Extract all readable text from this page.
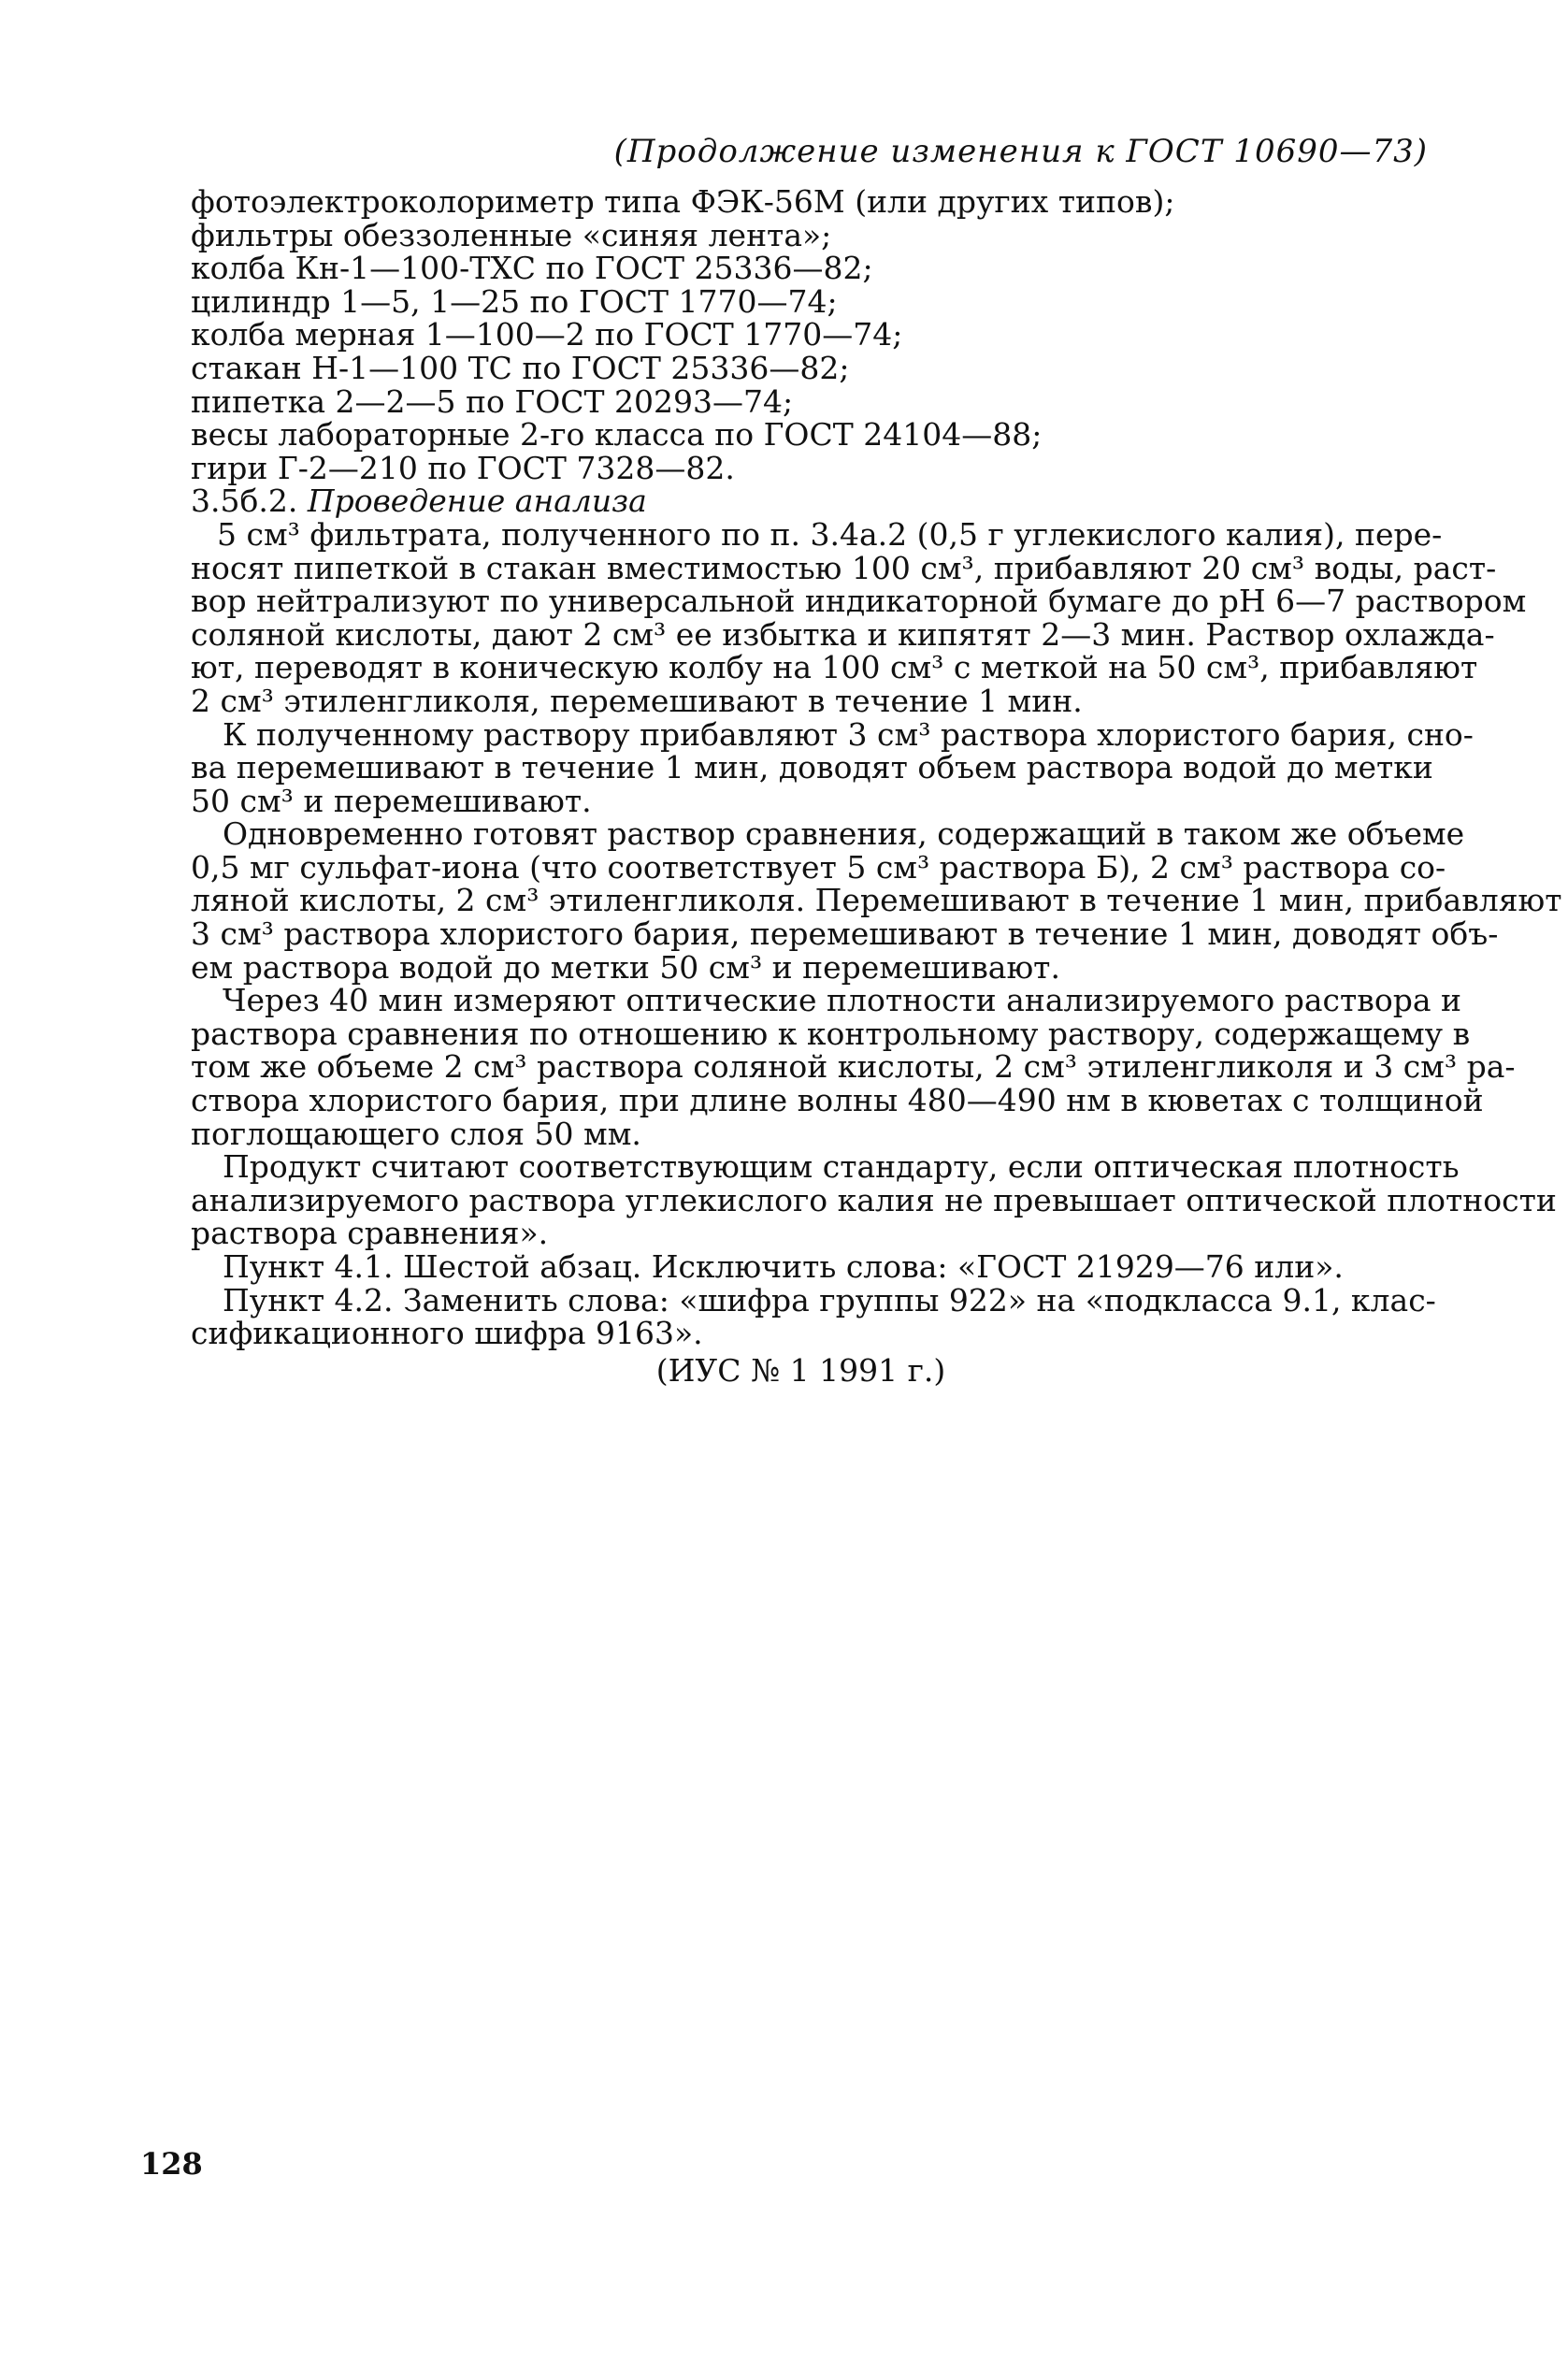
(Продолжение изменения к ГОСТ 10690—73)
фотоэлектроколориметр типа ФЭК-56М (или других типов);
фильтры обеззоленные «синяя лента»;
колба Кн-1—100-ТХС по ГОСТ 25336—82;
цилиндр 1—5, 1—25 по ГОСТ 1770—74;
колба мерная 1—100—2 по ГОСТ 1770—74;
стакан Н-1—100 ТС по ГОСТ 25336—82;
пипетка 2—2—5 по ГОСТ 20293—74;
весы лабораторные 2-го класса по ГОСТ 24104—88;
гири Г-2—210 по ГОСТ 7328—82.
3.5б.2. Проведение анализа
5 см³ фильтрата, полученного по п. 3.4а.2 (0,5 г углекислого калия), пере-
носят пипеткой в стакан вместимостью 100 см³, прибавляют 20 см³ воды, раст-
вор нейтрализуют по универсальной индикаторной бумаге до pH 6—7 раствором
соляной кислоты, дают 2 см³ ее избытка и кипятят 2—3 мин. Раствор охлажда-
ют, переводят в коническую колбу на 100 см³ с меткой на 50 см³, прибавляют
2 см³ этиленгликоля, перемешивают в течение 1 мин.
К полученному раствору прибавляют 3 см³ раствора хлористого бария, сно-
ва перемешивают в течение 1 мин, доводят объем раствора водой до метки
50 см³ и перемешивают.
Одновременно готовят раствор сравнения, содержащий в таком же объеме
0,5 мг сульфат-иона (что соответствует 5 см³ раствора Б), 2 см³ раствора со-
ляной кислоты, 2 см³ этиленгликоля. Перемешивают в течение 1 мин, прибавляют
3 см³ раствора хлористого бария, перемешивают в течение 1 мин, доводят объ-
ем раствора водой до метки 50 см³ и перемешивают.
Через 40 мин измеряют оптические плотности анализируемого раствора и
раствора сравнения по отношению к контрольному раствору, содержащему в
том же объеме 2 см³ раствора соляной кислоты, 2 см³ этиленгликоля и 3 см³ ра-
створа хлористого бария, при длине волны 480—490 нм в кюветах с толщиной
поглощающего слоя 50 мм.
Продукт считают соответствующим стандарту, если оптическая плотность
анализируемого раствора углекислого калия не превышает оптической плотности
раствора сравнения».
Пункт 4.1. Шестой абзац. Исключить слова: «ГОСТ 21929—76 или».
Пункт 4.2. Заменить слова: «шифра группы 922» на «подкласса 9.1, клас-
сификационного шифра 9163».
(ИУС № 1 1991 г.)
128
